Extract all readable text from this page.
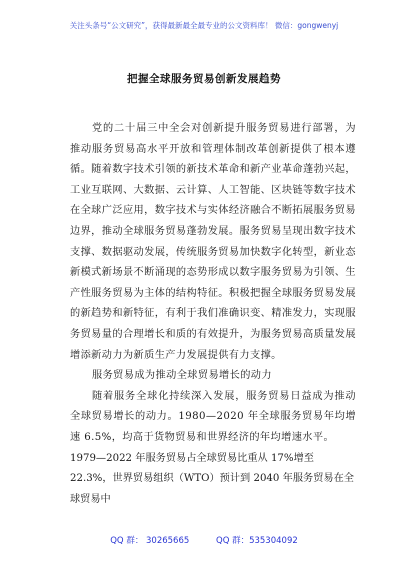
关注头条号“公文研究”，获得最新最全最专业的公文资料库！ 微信：gongwenyj
把握全球服务贸易创新发展趋势

党的二十届三中全会对创新提升服务贸易进行部署，为推动服务贸易高水平开放和管理体制改革创新提供了根本遵循。随着数字技术引领的新技术革命和新产业革命蓬勃兴起，工业互联网、大数据、云计算、人工智能、区块链等数字技术在全球广泛应用，数字技术与实体经济融合不断拓展服务贸易边界，推动全球服务贸易蓬勃发展。服务贸易呈现出数字技术支撑、数据驱动发展，传统服务贸易加快数字化转型，新业态新模式新场景不断涌现的态势形成以数字服务贸易为引领、生产性服务贸易为主体的结构特征。积极把握全球服务贸易发展的新趋势和新特征，有利于我们准确识变、精准发力，实现服务贸易量的合理增长和质的有效提升，为服务贸易高质量发展增添新动力为新质生产力发展提供有力支撑。

服务贸易成为推动全球贸易增长的动力

随着服务全球化持续深入发展，服务贸易日益成为推动全球贸易增长的动力。1980—2020 年全球服务贸易年均增速 6.5%，均高于货物贸易和世界经济的年均增速水平。

1979—2022 年服务贸易占全球贸易比重从 17%增至 22.3%，世界贸易组织（WTO）预计到 2040 年服务贸易在全球贸易中

QQ 群： 30265665	QQ 群：535304092
